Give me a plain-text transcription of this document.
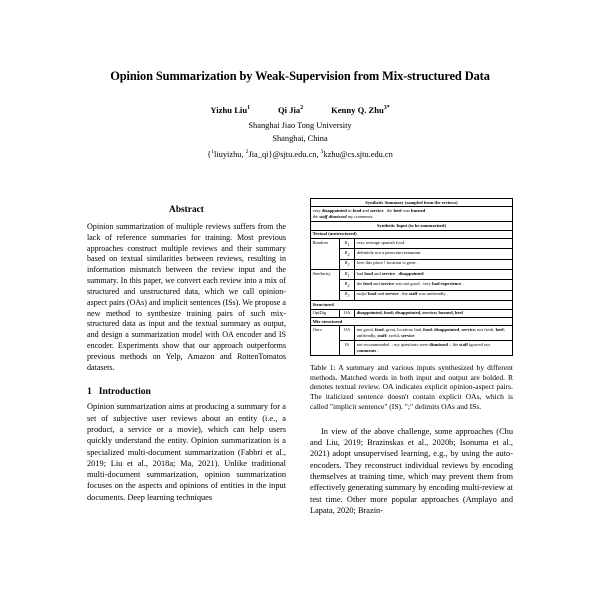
Opinion Summarization by Weak-Supervision from Mix-structured Data
Yizhu Liu$^1$	Qi Jia$^2$	Kenny Q. Zhu$^{3*}$
Shanghai Jiao Tong University
Shanghai, China
{$^1$liuyizhu, $^2$Jia_qi}@sjtu.edu.cn, $^3$kzhu@cs.sjtu.edu.cn
Abstract

Opinion summarization of multiple reviews suffers from the lack of reference summaries for training. Most previous approaches construct multiple reviews and their summary based on textual similarities between reviews, resulting in information mismatch between the review input and the summary. In this paper, we convert each review into a mix of structured and unstructured data, which we call opinion-aspect pairs (OAs) and implicit sentences (ISs). We propose a new method to synthesize training pairs of such mix-structured data as input and the textual summary as output, and design a summarization model with OA encoder and IS encoder. Experiments show that our approach outperforms previous methods on Yelp, Amazon and RottenTomatos datasets.

1 Introduction

Opinion summarization aims at producing a summary for a set of subjective user reviews about an entity (i.e., a product, a service or a movie), which can help users quickly understand the entity. Opinion summarization is a specialized multi-document summarization (Fabbri et al., 2019; Liu et al., 2018a; Ma, 2021). Unlike traditional multi-document summarization, opinion summarization focuses on the aspects and opinions of entities in the input documents. Deep learning techniques

Synthetic Summary (sampled from the reviews)		
very disappointed in food and service . the beef was burned .
the staff dismissed my comments .		
Synthetic Input (to be summarized)		
Textual (unstructured)		
Random	$R_1$	very average spanish food .
	$R_2$	definitely not a peruvian restaurant .
	$R_3$	love this place ! location is great .
Similarity	$R_1$	bad food and service . disappointed
	$R_2$	the food and service was not good . very bad experience .
	$R_3$	awful food and service . the staff was unfriendly .
Structured		
OpiDig	OA	disappointed, food; disappointed, service; burned, beef
Mix-structured		
Ours	OA	not good, food; great, location; bad, food; disappointed, service; not fresh, beef; unfriendly, staff; awful, service
	IS	not recommended .; my questions were dismissed .; the staff ignored our comments .

Table 1: A summary and various inputs synthesized by different methods. Matched words in both input and output are bolded. R denotes textual review. OA indicates explicit opinion-aspect pairs. The italicized sentence doesn't contain explicit OAs, which is called "implicit sentence" (IS). ";" delimits OAs and ISs.

In view of the above challenge, some approaches (Chu and Liu, 2019; Brazinskas et al., 2020b; Isonuma et al., 2021) adopt unsupervised learning, e.g., by using the auto-encoders. They reconstruct individual reviews by encoding themselves at training time, which may prevent them from effectively generating summary by encoding multi-review at test time. Other more popular approaches (Amplayo and Lapata, 2020; Brazin-
